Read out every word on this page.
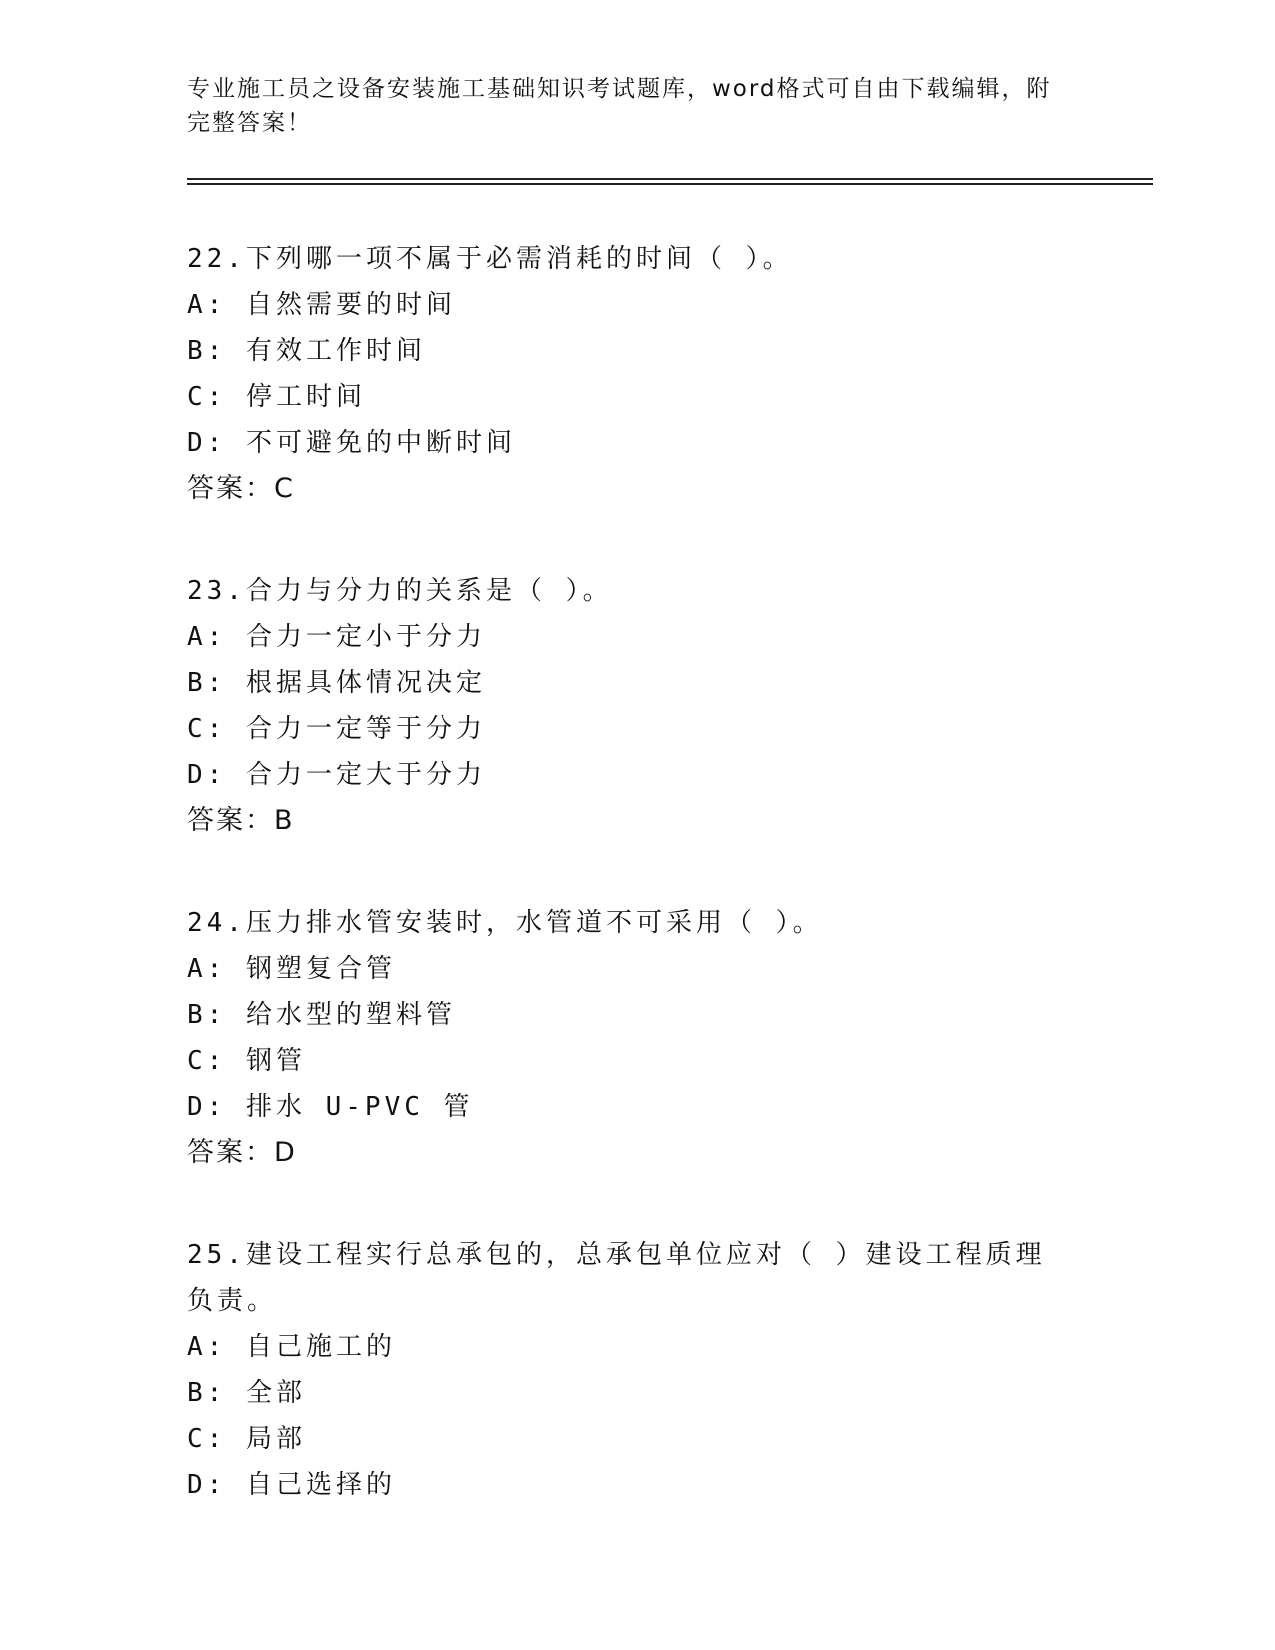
专业施工员之设备安装施工基础知识考试题库，word格式可自由下载编辑，附完整答案！
22.下列哪一项不属于必需消耗的时间（ ）。
A: 自然需要的时间
B: 有效工作时间
C: 停工时间
D: 不可避免的中断时间
答案：C
23.合力与分力的关系是（ ）。
A: 合力一定小于分力
B: 根据具体情况决定
C: 合力一定等于分力
D: 合力一定大于分力
答案：B
24.压力排水管安装时，水管道不可采用（ ）。
A: 钢塑复合管
B: 给水型的塑料管
C: 钢管
D: 排水 U-PVC 管
答案：D
25.建设工程实行总承包的，总承包单位应对（ ）建设工程质理负责。
A: 自己施工的
B: 全部
C: 局部
D: 自己选择的
